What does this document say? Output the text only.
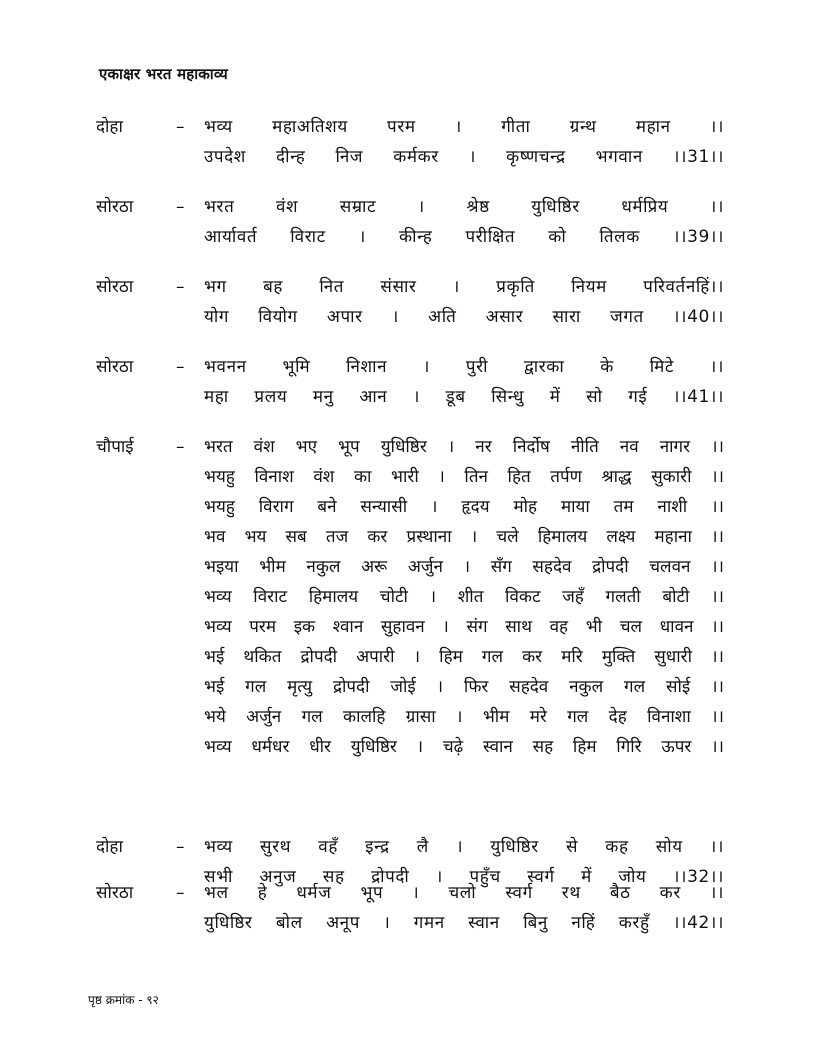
एकाक्षर भरत महाकाव्य
दोहा	– भव्य महाअतिशय परम । गीता ग्रन्थ महान ।।
उपदेश दीन्ह निज कर्मकर । कृष्णचन्द्र भगवान ।।31।।
सोरठा	– भरत वंश सम्राट । श्रेष्ठ युधिष्ठिर धर्मप्रिय ।।
आर्यावर्त विराट । कीन्ह परीक्षित को तिलक ।।39।।
सोरठा	– भग बह नित संसार । प्रकृति नियम परिवर्तनहिं।।
योग वियोग अपार । अति असार सारा जगत ।।40।।
सोरठा	– भवनन भूमि निशान । पुरी द्वारका के मिटे ।।
महा प्रलय मनु आन । डूब सिन्धु में सो गई ।।41।।
चौपाई – भरत वंश भए भूप युधिष्ठिर । नर निर्दोष नीति नव नागर ।।
भयहु विनाश वंश का भारी । तिन हित तर्पण श्राद्ध सुकारी ।।
भयहु विराग बने सन्यासी । हृदय मोह माया तम नाशी ।।
भव भय सब तज कर प्रस्थाना । चले हिमालय लक्ष्य महाना ।।
भइया भीम नकुल अरू अर्जुन । सँग सहदेव द्रोपदी चलवन ।।
भव्य विराट हिमालय चोटी । शीत विकट जहँ गलती बोटी ।।
भव्य परम इक श्वान सुहावन । संग साथ वह भी चल धावन ।।
भई थकित द्रोपदी अपारी । हिम गल कर मरि मुक्ति सुधारी ।।
भई गल मृत्यु द्रोपदी जोई । फिर सहदेव नकुल गल सोई ।।
भये अर्जुन गल कालहि ग्रासा । भीम मरे गल देह विनाशा ।।
भव्य धर्मधर धीर युधिष्ठिर । चढ़े स्वान सह हिम गिरि ऊपर ।।
दोहा	– भव्य सुरथ वहँ इन्द्र लै । युधिष्ठिर से कह सोय ।।
सभी अनुज सह द्रोपदी । पहुँच स्वर्ग में जोय ।।32।।
सोरठा	– भल हे धर्मज भूप । चलो स्वर्ग रथ बैठ कर ।।
युधिष्ठिर बोल अनूप । गमन स्वान बिनु नहिं करहुँ ।।42।।
पृष्ठ क्रमांक - ९२
